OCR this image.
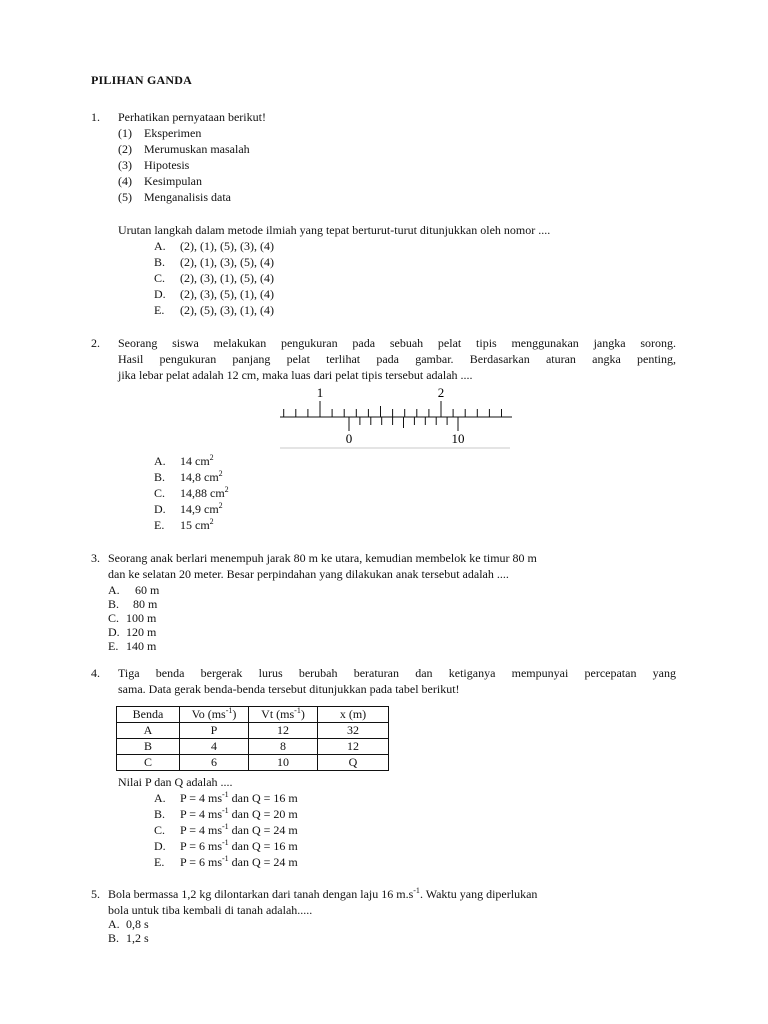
PILIHAN GANDA
1.	Perhatikan pernyataan berikut!
(1) Eksperimen
(2) Merumuskan masalah
(3) Hipotesis
(4) Kesimpulan
(5) Menganalisis data
Urutan langkah dalam metode ilmiah yang tepat berturut-turut ditunjukkan oleh nomor ....
A. (2), (1), (5), (3), (4)
B. (2), (1), (3), (5), (4)
C. (2), (3), (1), (5), (4)
D. (2), (3), (5), (1), (4)
E. (2), (5), (3), (1), (4)
2.	Seorang siswa melakukan pengukuran pada sebuah pelat tipis menggunakan jangka sorong.
Hasil pengukuran panjang pelat terlihat pada gambar. Berdasarkan aturan angka penting,
jika lebar pelat adalah 12 cm, maka luas dari pelat tipis tersebut adalah ....
1	2
0	10
A. 14 $cm^2$
B. 14,8 $cm^2$
C. 14,88 $cm^2$
D. 14,9 $cm^2$
E. 15 $cm^2$
3. Seorang anak berlari menempuh jarak 80 m ke utara, kemudian membelok ke timur 80 m
dan ke selatan 20 meter. Besar perpindahan yang dilakukan anak tersebut adalah ....
A. 60 m
B. 80 m
C. 100 m
D. 120 m
E. 140 m
4.	Tiga benda bergerak lurus berubah beraturan dan ketiganya mempunyai percepatan yang
sama. Data gerak benda-benda tersebut ditunjukkan pada tabel berikut!
Benda	Vo $(ms^{-1})$	Vt $(ms^{-1})$	x (m)
A	P	12	32
B	4	8	12
C	6	10	Q
Nilai P dan Q adalah ....
A. P = 4 $ms^{-1}$ dan Q = 16 m
B. P = 4 $ms^{-1}$ dan Q = 20 m
C. P = 4 $ms^{-1}$ dan Q = 24 m
D. P = 6 $ms^{-1}$ dan Q = 16 m
E. P = 6 $ms^{-1}$ dan Q = 24 m
5. Bola bermassa 1,2 kg dilontarkan dari tanah dengan laju 16 $m.s^{-1}$. Waktu yang diperlukan
bola untuk tiba kembali di tanah adalah.....
A. 0,8 s
B. 1,2 s
